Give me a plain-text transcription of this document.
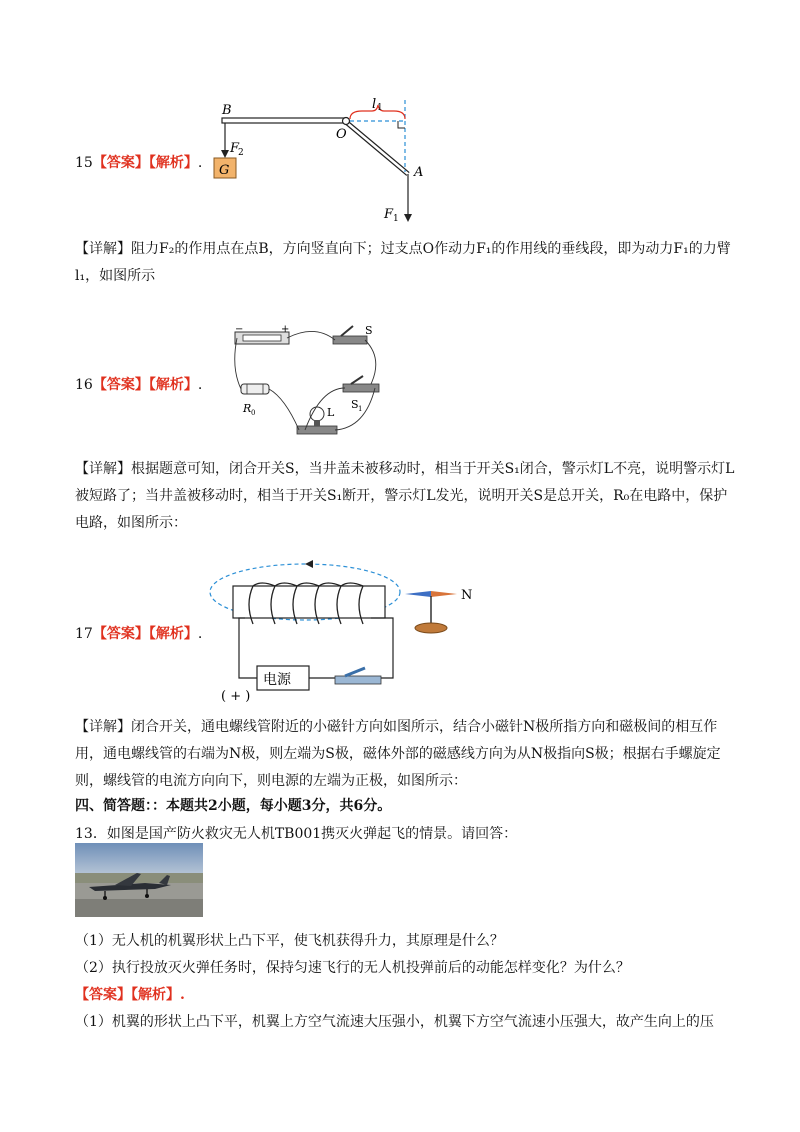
15【答案】【解析】.
B
O
A
l 1
F
2
G
F 1
【详解】阻力F₂的作用点在点B，方向竖直向下；过支点O作动力F₁的作用线的垂线段，即为动力F₁的力臂l₁，如图所示
16【答案】【解析】.
−	+	S
S 1
R 0	L
【详解】根据题意可知，闭合开关S，当井盖未被移动时，相当于开关S₁闭合，警示灯L不亮，说明警示灯L被短路了；当井盖被移动时，相当于开关S₁断开，警示灯L发光，说明开关S是总开关，R₀在电路中，保护电路，如图所示：
17【答案】【解析】.
电源
( + )
N
【详解】闭合开关，通电螺线管附近的小磁针方向如图所示，结合小磁针N极所指方向和磁极间的相互作用，通电螺线管的右端为N极，则左端为S极，磁体外部的磁感线方向为从N极指向S极；根据右手螺旋定则，螺线管的电流方向向下，则电源的左端为正极，如图所示：
四、简答题：：本题共2小题，每小题3分，共6分。
13．如图是国产防火救灾无人机TB001携灭火弹起飞的情景。请回答：
（1）无人机的机翼形状上凸下平，使飞机获得升力，其原理是什么？
（2）执行投放灭火弹任务时，保持匀速飞行的无人机投弹前后的动能怎样变化？为什么？
【答案】【解析】.
（1）机翼的形状上凸下平，机翼上方空气流速大压强小，机翼下方空气流速小压强大，故产生向上的压
